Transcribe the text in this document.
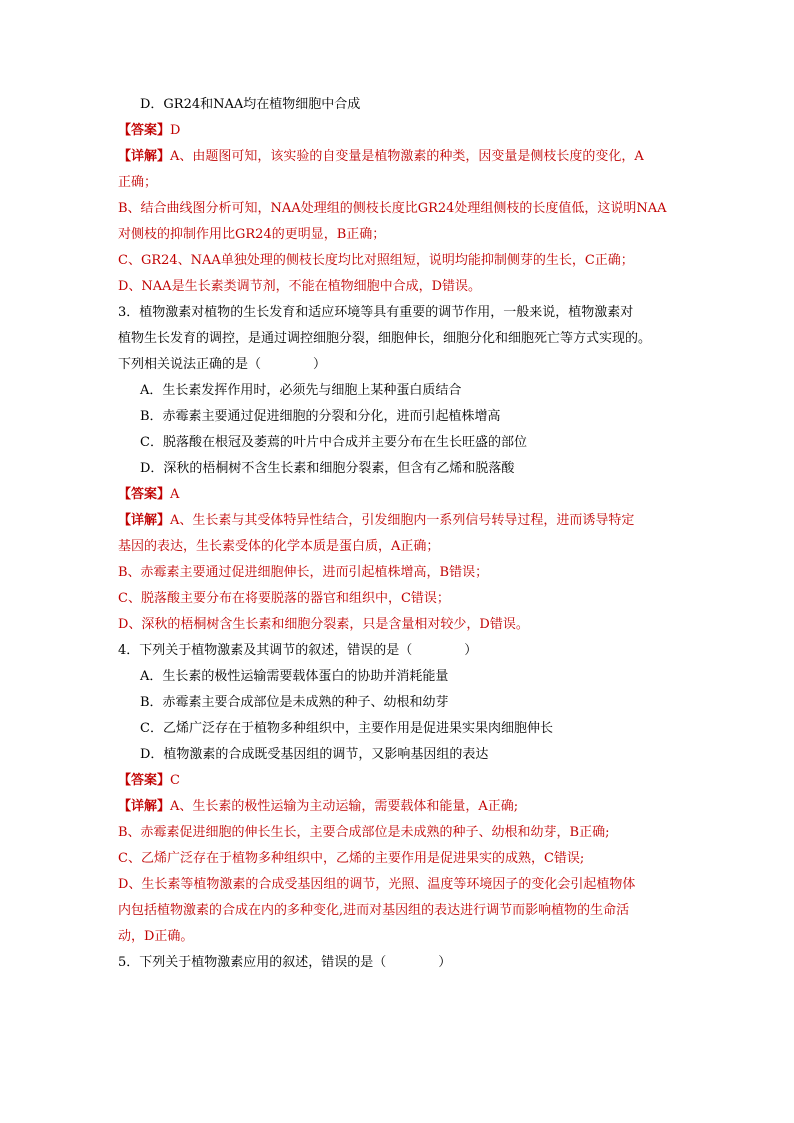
D．GR24和NAA均在植物细胞中合成
【答案】D
【详解】A、由题图可知，该实验的自变量是植物激素的种类，因变量是侧枝长度的变化，A
正确；
B、结合曲线图分析可知，NAA处理组的侧枝长度比GR24处理组侧枝的长度值低，这说明NAA
对侧枝的抑制作用比GR24的更明显，B正确；
C、GR24、NAA单独处理的侧枝长度均比对照组短，说明均能抑制侧芽的生长，C正确；
D、NAA是生长素类调节剂，不能在植物细胞中合成，D错误。
3．植物激素对植物的生长发育和适应环境等具有重要的调节作用，一般来说，植物激素对
植物生长发育的调控，是通过调控细胞分裂，细胞伸长，细胞分化和细胞死亡等方式实现的。
下列相关说法正确的是（　　　　）
A．生长素发挥作用时，必须先与细胞上某种蛋白质结合
B．赤霉素主要通过促进细胞的分裂和分化，进而引起植株增高
C．脱落酸在根冠及萎蔫的叶片中合成并主要分布在生长旺盛的部位
D．深秋的梧桐树不含生长素和细胞分裂素，但含有乙烯和脱落酸
【答案】A
【详解】A、生长素与其受体特异性结合，引发细胞内一系列信号转导过程，进而诱导特定
基因的表达，生长素受体的化学本质是蛋白质，A正确；
B、赤霉素主要通过促进细胞伸长，进而引起植株增高，B错误；
C、脱落酸主要分布在将要脱落的器官和组织中，C错误；
D、深秋的梧桐树含生长素和细胞分裂素，只是含量相对较少，D错误。
4．下列关于植物激素及其调节的叙述，错误的是（　　　　）
A．生长素的极性运输需要载体蛋白的协助并消耗能量
B．赤霉素主要合成部位是未成熟的种子、幼根和幼芽
C．乙烯广泛存在于植物多种组织中，主要作用是促进果实果肉细胞伸长
D．植物激素的合成既受基因组的调节，又影响基因组的表达
【答案】C
【详解】A、生长素的极性运输为主动运输，需要载体和能量，A正确;
B、赤霉素促进细胞的伸长生长，主要合成部位是未成熟的种子、幼根和幼芽，B正确;
C、乙烯广泛存在于植物多种组织中，乙烯的主要作用是促进果实的成熟，C错误;
D、生长素等植物激素的合成受基因组的调节，光照、温度等环境因子的变化会引起植物体
内包括植物激素的合成在内的多种变化,进而对基因组的表达进行调节而影响植物的生命活
动，D正确。
5．下列关于植物激素应用的叙述，错误的是（　　　　）
